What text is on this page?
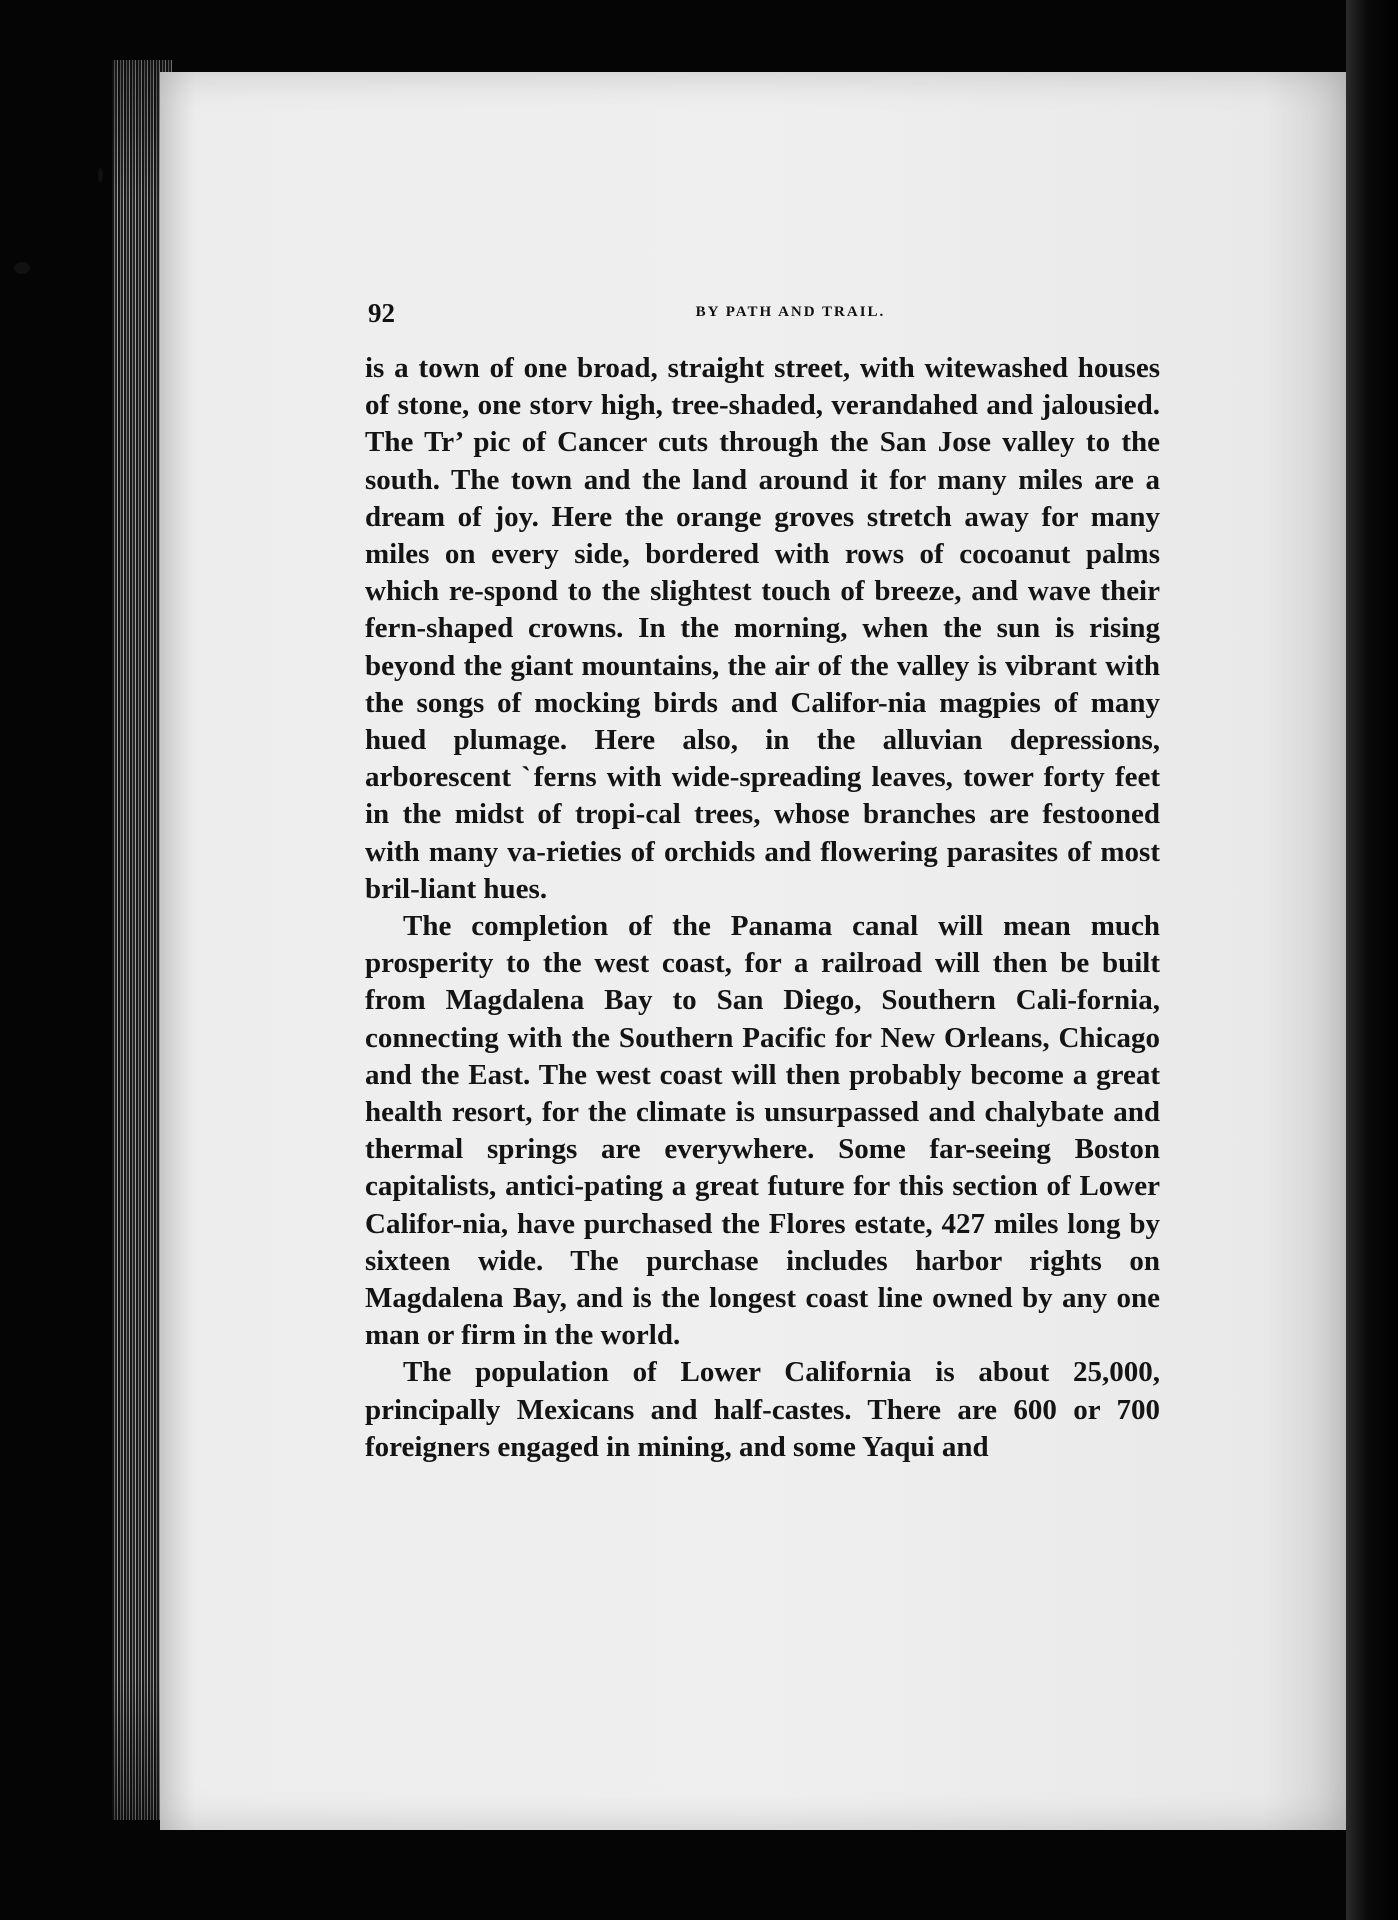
92	BY PATH AND TRAIL.

is a town of one broad, straight street, with witewashed houses of stone, one storv high, tree-shaded, verandahed and jalousied. The Tr’ pic of Cancer cuts through the San Jose valley to the south. The town and the land around it for many miles are a dream of joy. Here the orange groves stretch away for many miles on every side, bordered with rows of cocoanut palms which re-spond to the slightest touch of breeze, and wave their fern-shaped crowns. In the morning, when the sun is rising beyond the giant mountains, the air of the valley is vibrant with the songs of mocking birds and Califor-nia magpies of many hued plumage. Here also, in the alluvian depressions, arborescent ˋferns with wide-spreading leaves, tower forty feet in the midst of tropi-cal trees, whose branches are festooned with many va-rieties of orchids and flowering parasites of most bril-liant hues.

The completion of the Panama canal will mean much prosperity to the west coast, for a railroad will then be built from Magdalena Bay to San Diego, Southern Cali-fornia, connecting with the Southern Pacific for New Orleans, Chicago and the East. The west coast will then probably become a great health resort, for the climate is unsurpassed and chalybate and thermal springs are everywhere. Some far-seeing Boston capitalists, antici-pating a great future for this section of Lower Califor-nia, have purchased the Flores estate, 427 miles long by sixteen wide. The purchase includes harbor rights on Magdalena Bay, and is the longest coast line owned by any one man or firm in the world.

The population of Lower California is about 25,000, principally Mexicans and half-castes. There are 600 or 700 foreigners engaged in mining, and some Yaqui and
